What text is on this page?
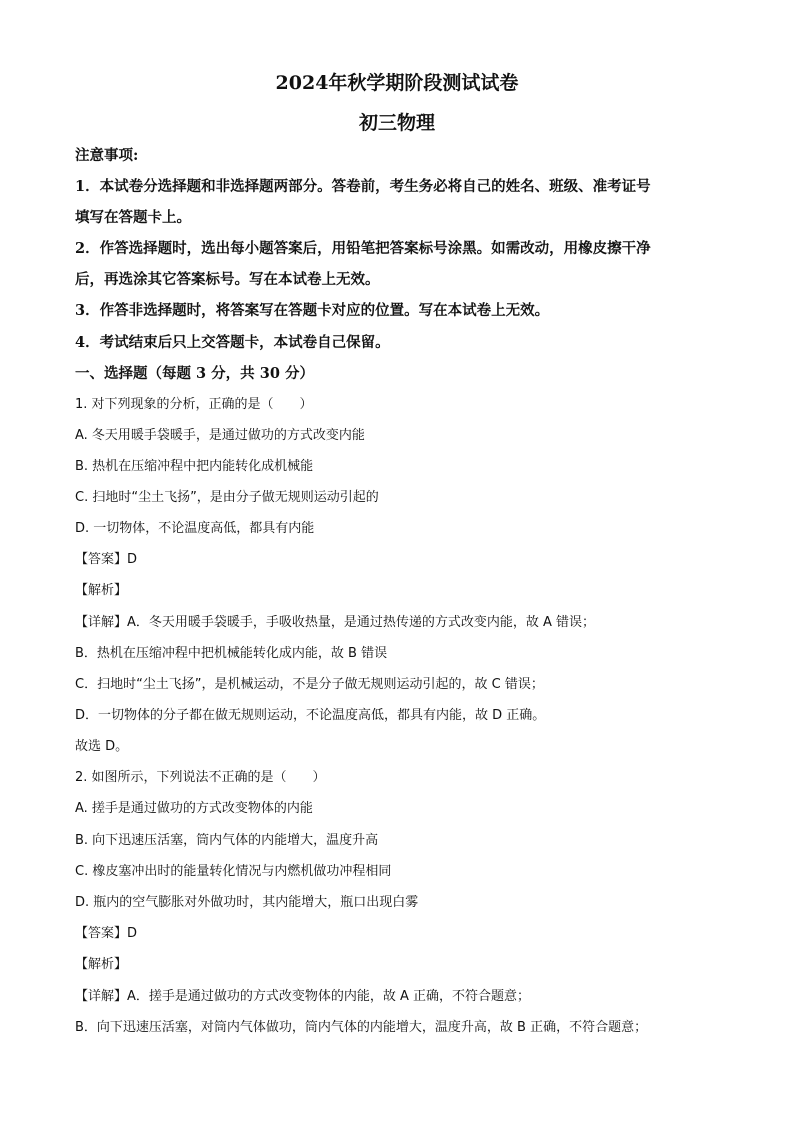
2024年秋学期阶段测试试卷
初三物理
注意事项:
1．本试卷分选择题和非选择题两部分。答卷前，考生务必将自己的姓名、班级、准考证号
填写在答题卡上。
2．作答选择题时，选出每小题答案后，用铅笔把答案标号涂黑。如需改动，用橡皮擦干净
后，再选涂其它答案标号。写在本试卷上无效。
3．作答非选择题时，将答案写在答题卡对应的位置。写在本试卷上无效。
4．考试结束后只上交答题卡，本试卷自己保留。
一、选择题（每题 3 分，共 30 分）
1. 对下列现象的分析，正确的是（　　）
A. 冬天用暖手袋暖手，是通过做功的方式改变内能
B. 热机在压缩冲程中把内能转化成机械能
C. 扫地时“尘土飞扬”，是由分子做无规则运动引起的
D. 一切物体，不论温度高低，都具有内能
【答案】D
【解析】
【详解】A．冬天用暖手袋暖手，手吸收热量，是通过热传递的方式改变内能，故 A 错误；
B．热机在压缩冲程中把机械能转化成内能，故 B 错误
C．扫地时“尘土飞扬”，是机械运动，不是分子做无规则运动引起的，故 C 错误；
D．一切物体的分子都在做无规则运动，不论温度高低，都具有内能，故 D 正确。
故选 D。
2. 如图所示，下列说法不正确的是（　　）
A. 搓手是通过做功的方式改变物体的内能
B. 向下迅速压活塞，筒内气体的内能增大，温度升高
C. 橡皮塞冲出时的能量转化情况与内燃机做功冲程相同
D. 瓶内的空气膨胀对外做功时，其内能增大，瓶口出现白雾
【答案】D
【解析】
【详解】A．搓手是通过做功的方式改变物体的内能，故 A 正确，不符合题意；
B．向下迅速压活塞，对筒内气体做功，筒内气体的内能增大，温度升高，故 B 正确，不符合题意；
